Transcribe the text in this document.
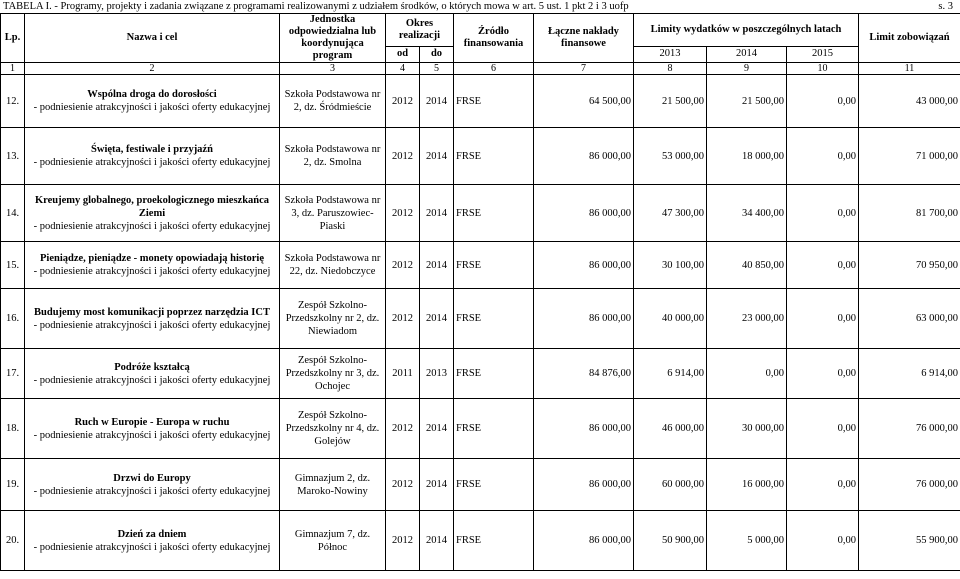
TABELA I. - Programy, projekty i zadania związane z programami realizowanymi z udziałem środków, o których mowa w art. 5 ust. 1 pkt 2 i 3 uofp	s. 3
Lp.	Nazwa i cel	Jednostka odpowiedzialna lub koordynująca program	Okres realizacji		Źródło finansowania	Łączne nakłady finansowe	Limity wydatków w poszczególnych latach			Limit zobowiązań

			od	do			2013	2014	2015	
1	2	3	4	5	6	7	8	9	10	11
12.	Wspólna droga do dorosłości
- podniesienie atrakcyjności i jakości oferty edukacyjnej	Szkoła Podstawowa nr 2, dz. Śródmieście	2012	2014	FRSE	64 500,00	21 500,00	21 500,00	0,00	43 000,00
13.	Święta, festiwale i przyjaźń
- podniesienie atrakcyjności i jakości oferty edukacyjnej	Szkoła Podstawowa nr 2, dz. Smolna	2012	2014	FRSE	86 000,00	53 000,00	18 000,00	0,00	71 000,00
14.	Kreujemy globalnego, proekologicznego mieszkańca Ziemi
- podniesienie atrakcyjności i jakości oferty edukacyjnej	Szkoła Podstawowa nr 3, dz. Paruszowiec-Piaski	2012	2014	FRSE	86 000,00	47 300,00	34 400,00	0,00	81 700,00
15.	Pieniądze, pieniądze - monety opowiadają historię
- podniesienie atrakcyjności i jakości oferty edukacyjnej	Szkoła Podstawowa nr 22, dz. Niedobczyce	2012	2014	FRSE	86 000,00	30 100,00	40 850,00	0,00	70 950,00
16.	Budujemy most komunikacji poprzez narzędzia ICT
- podniesienie atrakcyjności i jakości oferty edukacyjnej	Zespół Szkolno-Przedszkolny nr 2, dz. Niewiadom	2012	2014	FRSE	86 000,00	40 000,00	23 000,00	0,00	63 000,00
17.	Podróże kształcą
- podniesienie atrakcyjności i jakości oferty edukacyjnej	Zespół Szkolno-Przedszkolny nr 3, dz. Ochojec	2011	2013	FRSE	84 876,00	6 914,00	0,00	0,00	6 914,00
18.	Ruch w Europie - Europa w ruchu
- podniesienie atrakcyjności i jakości oferty edukacyjnej	Zespół Szkolno-Przedszkolny nr 4, dz. Golejów	2012	2014	FRSE	86 000,00	46 000,00	30 000,00	0,00	76 000,00
19.	Drzwi do Europy
- podniesienie atrakcyjności i jakości oferty edukacyjnej	Gimnazjum 2, dz. Maroko-Nowiny	2012	2014	FRSE	86 000,00	60 000,00	16 000,00	0,00	76 000,00
20.	Dzień za dniem
- podniesienie atrakcyjności i jakości oferty edukacyjnej	Gimnazjum 7, dz. Północ	2012	2014	FRSE	86 000,00	50 900,00	5 000,00	0,00	55 900,00
